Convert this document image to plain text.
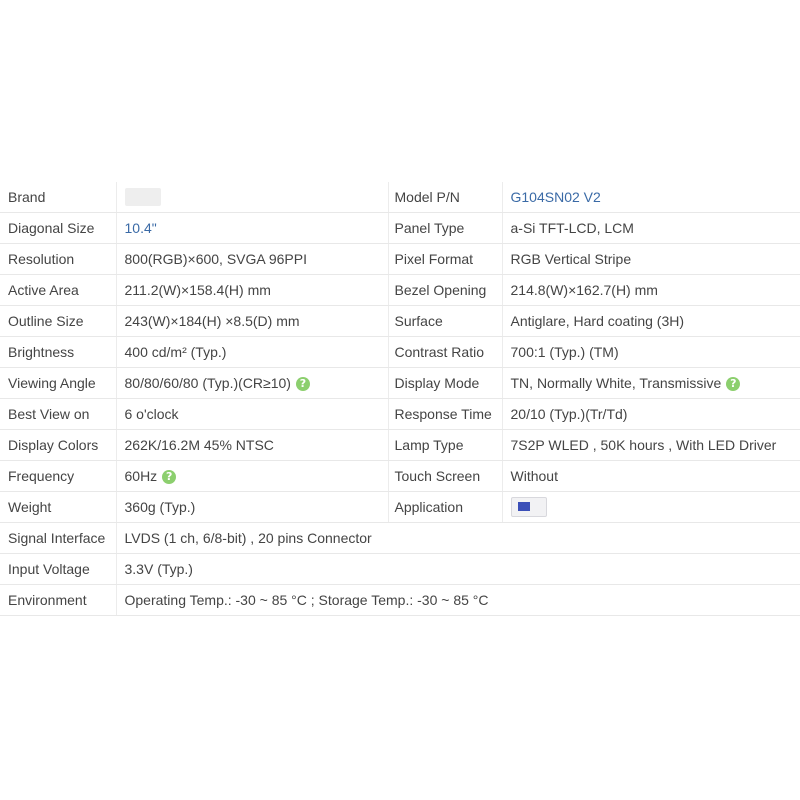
Brand		Model P/N	G104SN02 V2
Diagonal Size	10.4"	Panel Type	a-Si TFT-LCD, LCM
Resolution	800(RGB)×600, SVGA 96PPI	Pixel Format	RGB Vertical Stripe
Active Area	211.2(W)×158.4(H) mm	Bezel Opening	214.8(W)×162.7(H) mm
Outline Size	243(W)×184(H) ×8.5(D) mm	Surface	Antiglare, Hard coating (3H)
Brightness	400 cd/m² (Typ.)	Contrast Ratio	700:1 (Typ.) (TM)
Viewing Angle	80/80/60/80 (Typ.)(CR≥10) ?	Display Mode	TN, Normally White, Transmissive ?
Best View on	6 o'clock	Response Time	20/10 (Typ.)(Tr/Td)
Display Colors	262K/16.2M 45% NTSC	Lamp Type	7S2P WLED , 50K hours , With LED Driver
Frequency	60Hz ?	Touch Screen	Without
Weight	360g (Typ.)	Application	
Signal Interface	LVDS (1 ch, 6/8-bit) , 20 pins Connector		
Input Voltage	3.3V (Typ.)		
Environment	Operating Temp.: -30 ~ 85 °C ; Storage Temp.: -30 ~ 85 °C		
